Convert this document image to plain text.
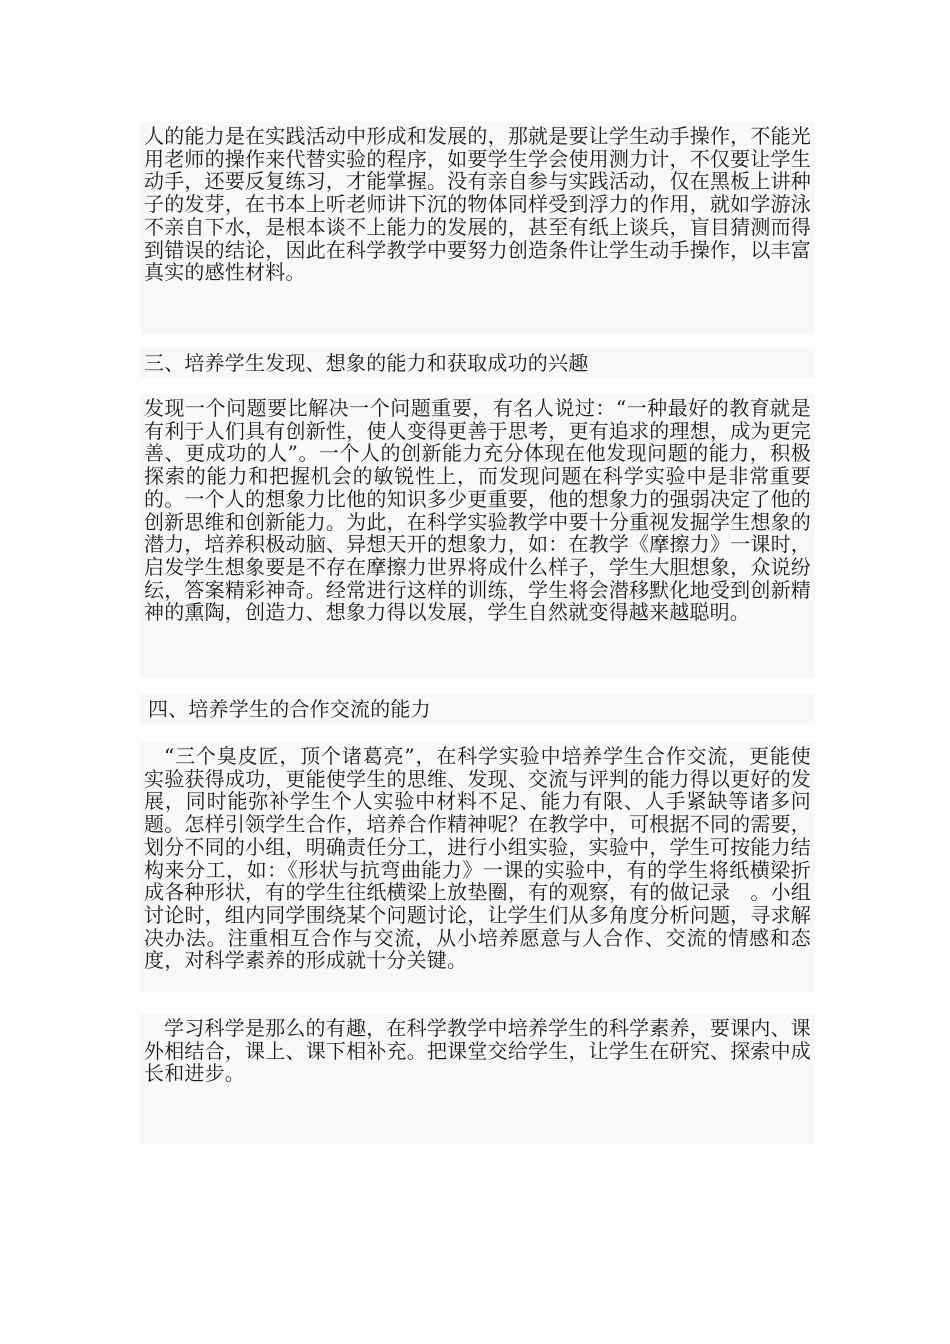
人的能力是在实践活动中形成和发展的，那就是要让学生动手操作，不能光用老师的操作来代替实验的程序，如要学生学会使用测力计，不仅要让学生动手，还要反复练习，才能掌握。没有亲自参与实践活动，仅在黑板上讲种子的发芽，在书本上听老师讲下沉的物体同样受到浮力的作用，就如学游泳不亲自下水，是根本谈不上能力的发展的，甚至有纸上谈兵，盲目猜测而得到错误的结论，因此在科学教学中要努力创造条件让学生动手操作，以丰富真实的感性材料。

三、培养学生发现、想象的能力和获取成功的兴趣

发现一个问题要比解决一个问题重要，有名人说过：“一种最好的教育就是有利于人们具有创新性，使人变得更善于思考，更有追求的理想，成为更完善、更成功的人”。一个人的创新能力充分体现在他发现问题的能力，积极探索的能力和把握机会的敏锐性上，而发现问题在科学实验中是非常重要的。一个人的想象力比他的知识多少更重要，他的想象力的强弱决定了他的创新思维和创新能力。为此，在科学实验教学中要十分重视发掘学生想象的潜力，培养积极动脑、异想天开的想象力，如：在教学《摩擦力》一课时，启发学生想象要是不存在摩擦力世界将成什么样子，学生大胆想象，众说纷纭，答案精彩神奇。经常进行这样的训练，学生将会潜移默化地受到创新精神的熏陶，创造力、想象力得以发展，学生自然就变得越来越聪明。

四、培养学生的合作交流的能力

“三个臭皮匠，顶个诸葛亮”，在科学实验中培养学生合作交流，更能使实验获得成功，更能使学生的思维、发现、交流与评判的能力得以更好的发展，同时能弥补学生个人实验中材料不足、能力有限、人手紧缺等诸多问题。怎样引领学生合作，培养合作精神呢？在教学中，可根据不同的需要，划分不同的小组，明确责任分工，进行小组实验，实验中，学生可按能力结构来分工，如：《形状与抗弯曲能力》一课的实验中，有的学生将纸横梁折成各种形状，有的学生往纸横梁上放垫圈，有的观察，有的做记录　。小组讨论时，组内同学围绕某个问题讨论，让学生们从多角度分析问题，寻求解决办法。注重相互合作与交流，从小培养愿意与人合作、交流的情感和态度，对科学素养的形成就十分关键。

学习科学是那么的有趣，在科学教学中培养学生的科学素养，要课内、课外相结合，课上、课下相补充。把课堂交给学生，让学生在研究、探索中成长和进步。
